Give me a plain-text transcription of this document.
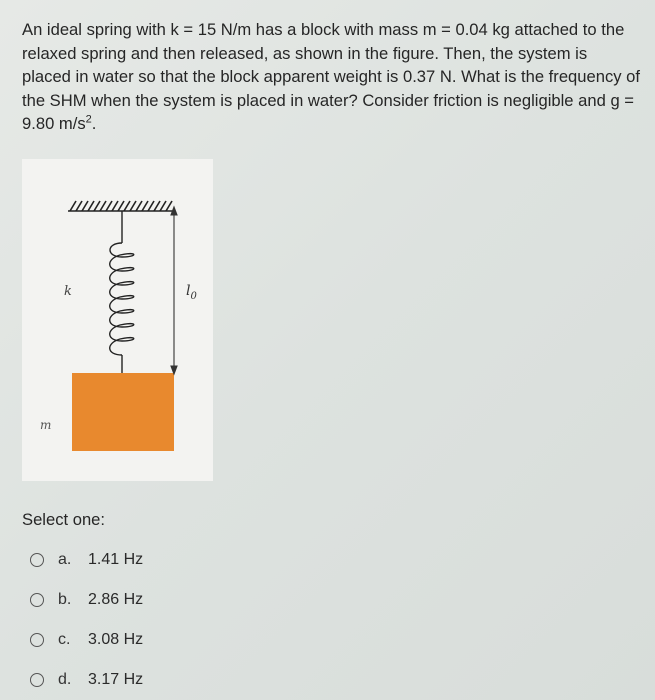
An ideal spring with k = 15 N/m has a block with mass m = 0.04 kg attached to the relaxed spring and then released, as shown in the figure. Then, the system is placed in water so that the block apparent weight is 0.37 N. What is the frequency of the SHM when the system is placed in water? Consider friction is negligible and g = 9.80 $m/s^2$.
k
m
$l_0$
Select one:
a.	1.41 Hz
b.	2.86 Hz
c.	3.08 Hz
d.	3.17 Hz
